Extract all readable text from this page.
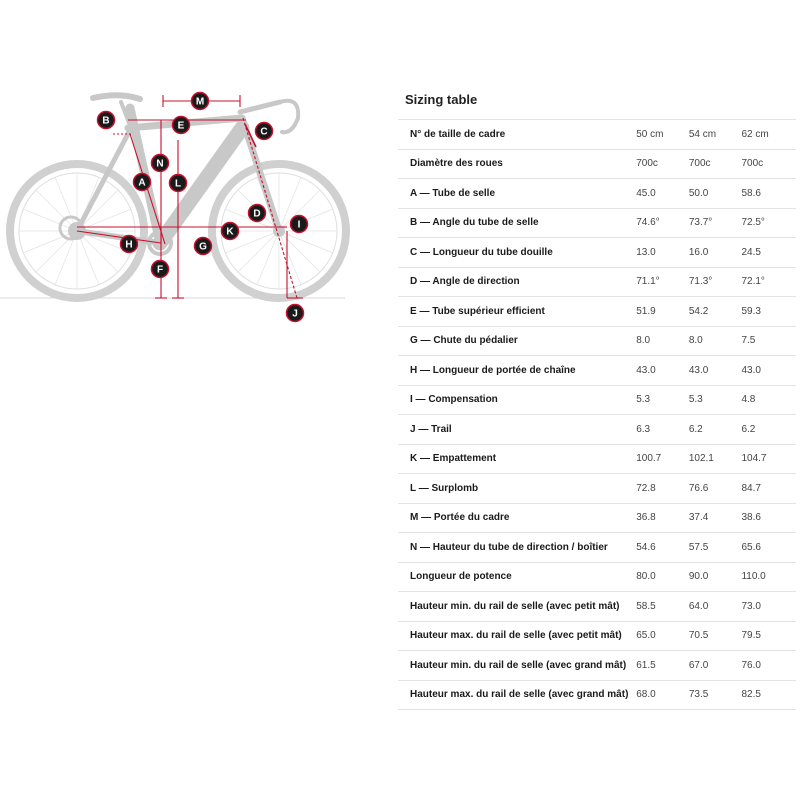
A
B
C
D
E
F
G
H
I
J
K
L
M
N
Sizing table
N° de taille de cadre	50 cm	54 cm	62 cm
Diamètre des roues	700c	700c	700c
A — Tube de selle	45.0	50.0	58.6
B — Angle du tube de selle	74.6°	73.7°	72.5°
C — Longueur du tube douille	13.0	16.0	24.5
D — Angle de direction	71.1°	71.3°	72.1°
E — Tube supérieur efficient	51.9	54.2	59.3
G — Chute du pédalier	8.0	8.0	7.5
H — Longueur de portée de chaîne	43.0	43.0	43.0
I — Compensation	5.3	5.3	4.8
J — Trail	6.3	6.2	6.2
K — Empattement	100.7	102.1	104.7
L — Surplomb	72.8	76.6	84.7
M — Portée du cadre	36.8	37.4	38.6
N — Hauteur du tube de direction / boîtier	54.6	57.5	65.6
Longueur de potence	80.0	90.0	110.0
Hauteur min. du rail de selle (avec petit mât)	58.5	64.0	73.0
Hauteur max. du rail de selle (avec petit mât)	65.0	70.5	79.5
Hauteur min. du rail de selle (avec grand mât)	61.5	67.0	76.0
Hauteur max. du rail de selle (avec grand mât)	68.0	73.5	82.5
